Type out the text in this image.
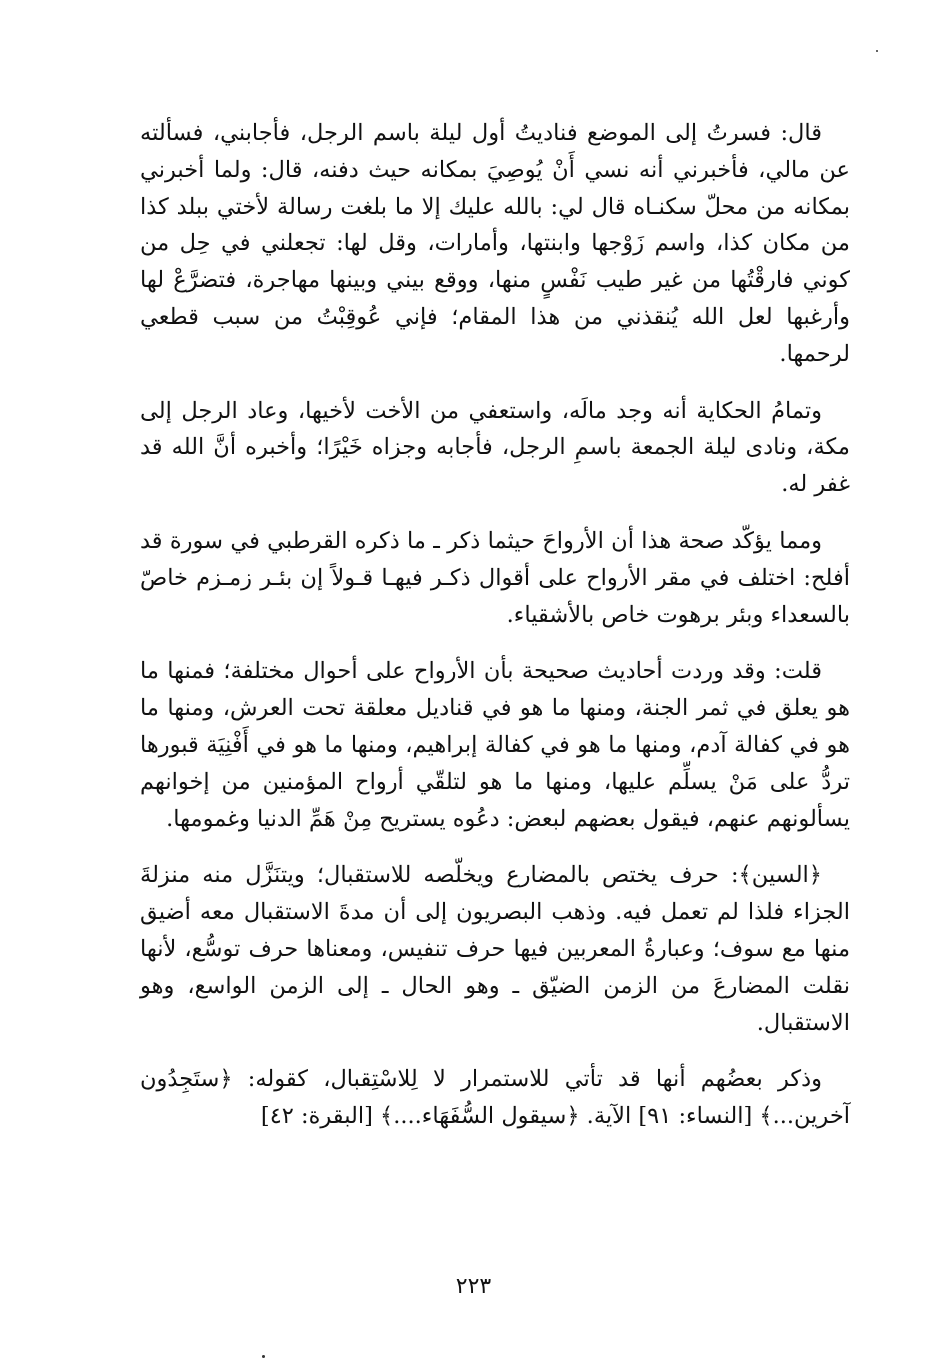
قال: فسرتُ إلى الموضع فناديتُ أول ليلة باسم الرجل، فأجابني، فسألته عن مالي، فأخبرني أنه نسي أَنْ يُوصِيَ بمكانه حيث دفنه، قال: ولما أخبرني بمكانه من محلّ سكنـاه قال لي: بالله عليك إلا ما بلغت رسالة لأختي ببلد كذا من مكان كذا، واسم زَوْجها وابنتها، وأمارات، وقل لها: تجعلني في حِل من كوني فارقْتُها من غير طيب نَفْسٍ منها، ووقع بيني وبينها مهاجرة، فتضرَّعْ لها وأرغبها لعل الله يُنقذني من هذا المقام؛ فإني عُوقِبْتُ من سبب قطعي لرحمها.

وتمامُ الحكاية أنه وجد مالَه، واستعفي من الأخت لأخيها، وعاد الرجل إلى مكة، ونادى ليلة الجمعة باسمِ الرجل، فأجابه وجزاه خَيْرًا؛ وأخبره أنَّ الله قد غفر له.

ومما يؤكّد صحة هذا أن الأرواحَ حيثما ذكر ـ ما ذكره القرطبي في سورة قد أفلح: اختلف في مقر الأرواح على أقوال ذكـر فيهـا قـولاً إن بئـر زمـزم خاصّ بالسعداء وبئر برهوت خاص بالأشقياء.

قلت: وقد وردت أحاديث صحيحة بأن الأرواح على أحوال مختلفة؛ فمنها ما هو يعلق في ثمر الجنة، ومنها ما هو في قناديل معلقة تحت العرش، ومنها ما هو في كفالة آدم، ومنها ما هو في كفالة إبراهيم، ومنها ما هو في أَفْنِيَة قبورها تردُّ على مَنْ يسلِّم عليها، ومنها ما هو لتلقّي أرواح المؤمنين من إخوانهم يسألونهم عنهم، فيقول بعضهم لبعض: دعُوه يستريح مِنْ هَمِّ الدنيا وغمومها.

﴿السين﴾: حرف يختص بالمضارع ويخلّصه للاستقبال؛ ويتنَزَّل منه منزلةَ الجزاء فلذا لم تعمل فيه. وذهب البصريون إلى أن مدةَ الاستقبال معه أضيق منها مع سوف؛ وعبارةُ المعربين فيها حرف تنفيس، ومعناها حرف توسُّع، لأنها نقلت المضارعَ من الزمن الضيّق ـ وهو الحال ـ إلى الزمن الواسع، وهو الاستقبال.

وذكر بعضُهم أنها قد تأتي للاستمرار لا لِلاسْتِقبال، كقوله: ﴿ستَجِدُون آخرين...﴾ [النساء: ٩١] الآية. ﴿سيقول السُّفَهَاء....﴾ [البقرة: ٤٢]

٢٢٣
